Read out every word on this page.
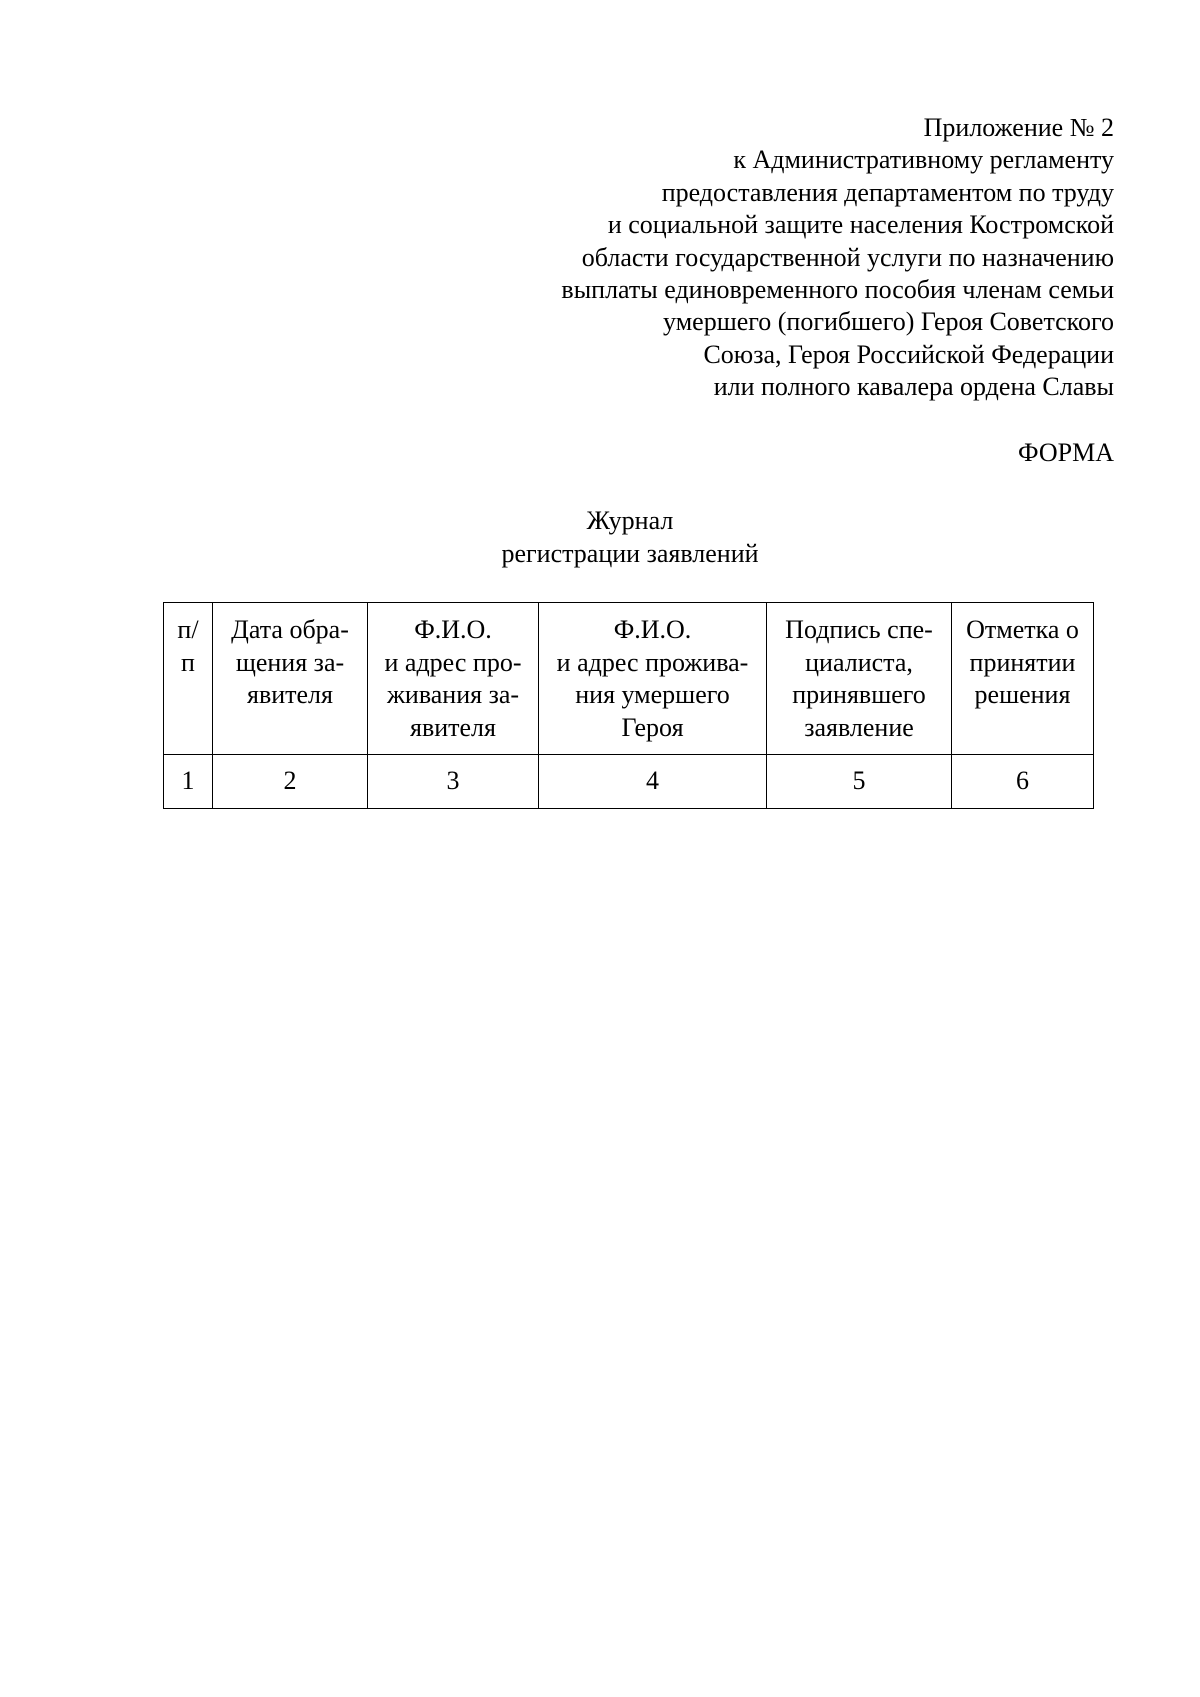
Приложение № 2
к Административному регламенту
предоставления департаментом по труду
и социальной защите населения Костромской
области государственной услуги по назначению
выплаты единовременного пособия членам семьи
умершего (погибшего) Героя Советского
Союза, Героя Российской Федерации
или полного кавалера ордена Славы
ФОРМА
Журнал
регистрации заявлений
п/
п	Дата обра-
щения за-
явителя	Ф.И.О.
и адрес про-
живания за-
явителя	Ф.И.О.
и адрес прожива-
ния умершего
Героя	Подпись спе-
циалиста,
принявшего
заявление	Отметка о
принятии
решения

1	2	3	4	5	6
